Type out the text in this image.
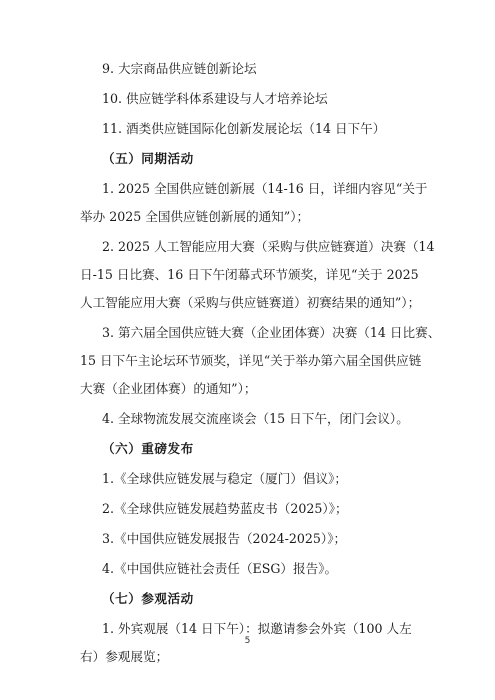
9. 大宗商品供应链创新论坛
10. 供应链学科体系建设与人才培养论坛
11. 酒类供应链国际化创新发展论坛（14 日下午）
（五）同期活动
1. 2025 全国供应链创新展（14-16 日，详细内容见“关于
举办 2025 全国供应链创新展的通知”）；
2. 2025 人工智能应用大赛（采购与供应链赛道）决赛（14
日-15 日比赛、16 日下午闭幕式环节颁奖，详见“关于 2025
人工智能应用大赛（采购与供应链赛道）初赛结果的通知”）；
3. 第六届全国供应链大赛（企业团体赛）决赛（14 日比赛、
15 日下午主论坛环节颁奖，详见“关于举办第六届全国供应链
大赛（企业团体赛）的通知”）；
4. 全球物流发展交流座谈会（15 日下午，闭门会议）。
（六）重磅发布
1.《全球供应链发展与稳定（厦门）倡议》；
2.《全球供应链发展趋势蓝皮书（2025）》；
3.《中国供应链发展报告（2024-2025）》；
4.《中国供应链社会责任（ESG）报告》。
（七）参观活动
1. 外宾观展（14 日下午）：拟邀请参会外宾（100 人左
右）参观展览；
5
